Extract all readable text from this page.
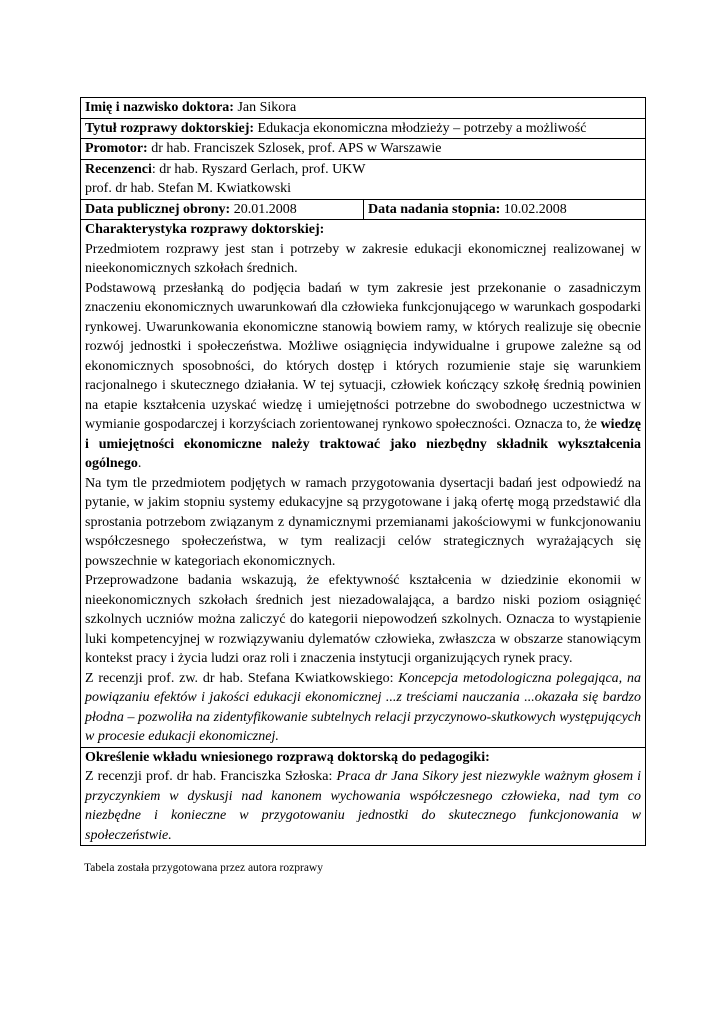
Imię i nazwisko doktora: Jan Sikora
Tytuł rozprawy doktorskiej: Edukacja ekonomiczna młodzieży – potrzeby a możliwość
Promotor: dr hab. Franciszek Szlosek, prof. APS w Warszawie
Recenzenci: dr hab. Ryszard Gerlach, prof. UKW
prof. dr hab. Stefan M. Kwiatkowski
Data publicznej obrony: 20.01.2008	Data nadania stopnia: 10.02.2008
Charakterystyka rozprawy doktorskiej:

Przedmiotem rozprawy jest stan i potrzeby w zakresie edukacji ekonomicznej realizowanej w nieekonomicznych szkołach średnich.

Podstawową przesłanką do podjęcia badań w tym zakresie jest przekonanie o zasadniczym znaczeniu ekonomicznych uwarunkowań dla człowieka funkcjonującego w warunkach gospodarki rynkowej. Uwarunkowania ekonomiczne stanowią bowiem ramy, w których realizuje się obecnie rozwój jednostki i społeczeństwa. Możliwe osiągnięcia indywidualne i grupowe zależne są od ekonomicznych sposobności, do których dostęp i których rozumienie staje się warunkiem racjonalnego i skutecznego działania. W tej sytuacji, człowiek kończący szkołę średnią powinien na etapie kształcenia uzyskać wiedzę i umiejętności potrzebne do swobodnego uczestnictwa w wymianie gospodarczej i korzyściach zorientowanej rynkowo społeczności. Oznacza to, że wiedzę i umiejętności ekonomiczne należy traktować jako niezbędny składnik wykształcenia ogólnego.

Na tym tle przedmiotem podjętych w ramach przygotowania dysertacji badań jest odpowiedź na pytanie, w jakim stopniu systemy edukacyjne są przygotowane i jaką ofertę mogą przedstawić dla sprostania potrzebom związanym z dynamicznymi przemianami jakościowymi w funkcjonowaniu współczesnego społeczeństwa, w tym realizacji celów strategicznych wyrażających się powszechnie w kategoriach ekonomicznych.

Przeprowadzone badania wskazują, że efektywność kształcenia w dziedzinie ekonomii w nieekonomicznych szkołach średnich jest niezadowalająca, a bardzo niski poziom osiągnięć szkolnych uczniów można zaliczyć do kategorii niepowodzeń szkolnych. Oznacza to wystąpienie luki kompetencyjnej w rozwiązywaniu dylematów człowieka, zwłaszcza w obszarze stanowiącym kontekst pracy i życia ludzi oraz roli i znaczenia instytucji organizujących rynek pracy.

Z recenzji prof. zw. dr hab. Stefana Kwiatkowskiego: Koncepcja metodologiczna polegająca, na powiązaniu efektów i jakości edukacji ekonomicznej ...z treściami nauczania ...okazała się bardzo płodna – pozwoliła na zidentyfikowanie subtelnych relacji przyczynowo-skutkowych występujących w procesie edukacji ekonomicznej.

Określenie wkładu wniesionego rozprawą doktorską do pedagogiki:

Z recenzji prof. dr hab. Franciszka Szłoska: Praca dr Jana Sikory jest niezwykle ważnym głosem i przyczynkiem w dyskusji nad kanonem wychowania współczesnego człowieka, nad tym co niezbędne i konieczne w przygotowaniu jednostki do skutecznego funkcjonowania w społeczeństwie.

Tabela została przygotowana przez autora rozprawy
